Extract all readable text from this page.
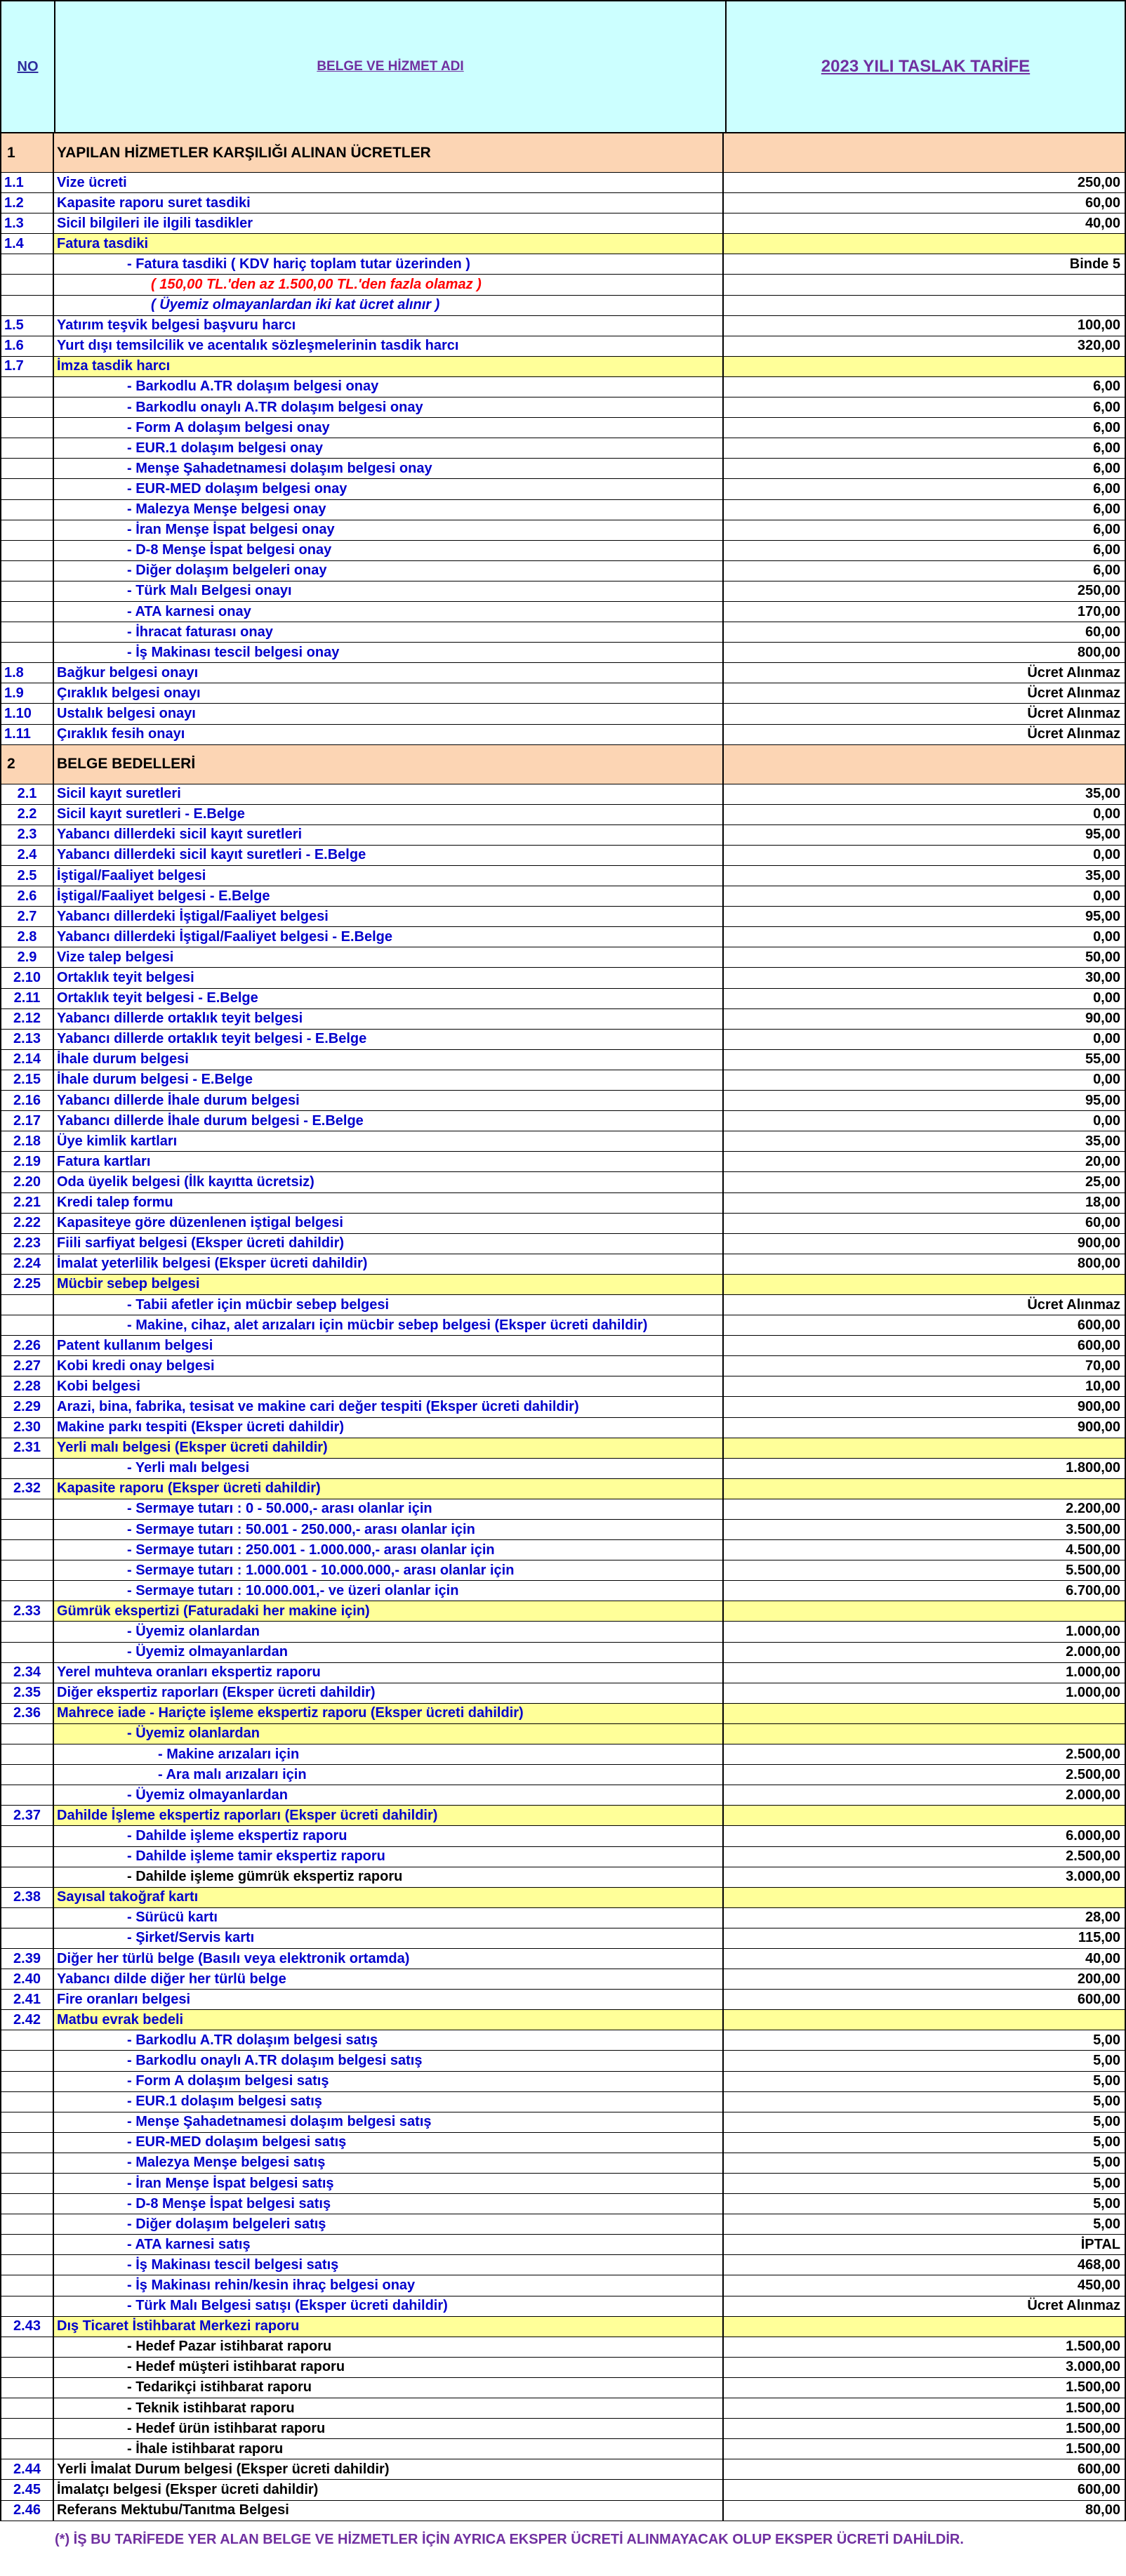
NO	BELGE VE HİZMET ADI	2023 YILI TASLAK TARİFE
1	YAPILAN HİZMETLER KARŞILIĞI ALINAN ÜCRETLER
1.1	Vize ücreti	250,00
1.2	Kapasite raporu suret tasdiki	60,00
1.3	Sicil bilgileri ile ilgili tasdikler	40,00
1.4	Fatura tasdiki
- Fatura tasdiki ( KDV hariç toplam tutar üzerinden )	Binde 5
( 150,00 TL.'den az 1.500,00 TL.'den fazla olamaz )
( Üyemiz olmayanlardan iki kat ücret alınır )
1.5	Yatırım teşvik belgesi başvuru harcı	100,00
1.6	Yurt dışı temsilcilik ve acentalık sözleşmelerinin tasdik harcı	320,00
1.7	İmza tasdik harcı
- Barkodlu A.TR dolaşım belgesi onay	6,00
- Barkodlu onaylı A.TR dolaşım belgesi onay	6,00
- Form A dolaşım belgesi onay	6,00
- EUR.1 dolaşım belgesi onay	6,00
- Menşe Şahadetnamesi dolaşım belgesi onay	6,00
- EUR-MED dolaşım belgesi onay	6,00
- Malezya Menşe belgesi onay	6,00
- İran Menşe İspat belgesi onay	6,00
- D-8 Menşe İspat belgesi onay	6,00
- Diğer dolaşım belgeleri onay	6,00
- Türk Malı Belgesi onayı	250,00
- ATA karnesi onay	170,00
- İhracat faturası onay	60,00
- İş Makinası tescil belgesi onay	800,00
1.8	Bağkur belgesi onayı	Ücret Alınmaz
1.9	Çıraklık belgesi onayı	Ücret Alınmaz
1.10	Ustalık belgesi onayı	Ücret Alınmaz
1.11	Çıraklık fesih onayı	Ücret Alınmaz
2	BELGE BEDELLERİ
2.1	Sicil kayıt suretleri	35,00
2.2	Sicil kayıt suretleri - E.Belge	0,00
2.3	Yabancı dillerdeki sicil kayıt suretleri	95,00
2.4	Yabancı dillerdeki sicil kayıt suretleri - E.Belge	0,00
2.5	İştigal/Faaliyet belgesi	35,00
2.6	İştigal/Faaliyet belgesi - E.Belge	0,00
2.7	Yabancı dillerdeki İştigal/Faaliyet belgesi	95,00
2.8	Yabancı dillerdeki İştigal/Faaliyet belgesi - E.Belge	0,00
2.9	Vize talep belgesi	50,00
2.10	Ortaklık teyit belgesi	30,00
2.11	Ortaklık teyit belgesi - E.Belge	0,00
2.12	Yabancı dillerde ortaklık teyit belgesi	90,00
2.13	Yabancı dillerde ortaklık teyit belgesi - E.Belge	0,00
2.14	İhale durum belgesi	55,00
2.15	İhale durum belgesi - E.Belge	0,00
2.16	Yabancı dillerde İhale durum belgesi	95,00
2.17	Yabancı dillerde İhale durum belgesi - E.Belge	0,00
2.18	Üye kimlik kartları	35,00
2.19	Fatura kartları	20,00
2.20	Oda üyelik belgesi (İlk kayıtta ücretsiz)	25,00
2.21	Kredi talep formu	18,00
2.22	Kapasiteye göre düzenlenen iştigal belgesi	60,00
2.23	Fiili sarfiyat belgesi (Eksper ücreti dahildir)	900,00
2.24	İmalat yeterlilik belgesi (Eksper ücreti dahildir)	800,00
2.25	Mücbir sebep belgesi
- Tabii afetler için mücbir sebep belgesi	Ücret Alınmaz
- Makine, cihaz, alet arızaları için mücbir sebep belgesi (Eksper ücreti dahildir)	600,00
2.26	Patent kullanım belgesi	600,00
2.27	Kobi kredi onay belgesi	70,00
2.28	Kobi belgesi	10,00
2.29	Arazi, bina, fabrika, tesisat ve makine cari değer tespiti (Eksper ücreti dahildir)	900,00
2.30	Makine parkı tespiti (Eksper ücreti dahildir)	900,00
2.31	Yerli malı belgesi (Eksper ücreti dahildir)
- Yerli malı belgesi	1.800,00
2.32	Kapasite raporu (Eksper ücreti dahildir)
- Sermaye tutarı : 0 - 50.000,- arası olanlar için	2.200,00
- Sermaye tutarı : 50.001 - 250.000,- arası olanlar için	3.500,00
- Sermaye tutarı : 250.001 - 1.000.000,- arası olanlar için	4.500,00
- Sermaye tutarı : 1.000.001 - 10.000.000,- arası olanlar için	5.500,00
- Sermaye tutarı : 10.000.001,- ve üzeri olanlar için	6.700,00
2.33	Gümrük ekspertizi (Faturadaki her makine için)
- Üyemiz olanlardan	1.000,00
- Üyemiz olmayanlardan	2.000,00
2.34	Yerel muhteva oranları ekspertiz raporu	1.000,00
2.35	Diğer ekspertiz raporları (Eksper ücreti dahildir)	1.000,00
2.36	Mahrece iade - Hariçte işleme ekspertiz raporu (Eksper ücreti dahildir)
- Üyemiz olanlardan
- Makine arızaları için	2.500,00
- Ara malı arızaları için	2.500,00
- Üyemiz olmayanlardan	2.000,00
2.37	Dahilde İşleme ekspertiz raporları (Eksper ücreti dahildir)
- Dahilde işleme ekspertiz raporu	6.000,00
- Dahilde işleme tamir ekspertiz raporu	2.500,00
- Dahilde işleme gümrük ekspertiz raporu	3.000,00
2.38	Sayısal takoğraf kartı
- Sürücü kartı	28,00
- Şirket/Servis kartı	115,00
2.39	Diğer her türlü belge (Basılı veya elektronik ortamda)	40,00
2.40	Yabancı dilde diğer her türlü belge	200,00
2.41	Fire oranları belgesi	600,00
2.42	Matbu evrak bedeli
- Barkodlu A.TR dolaşım belgesi satış	5,00
- Barkodlu onaylı A.TR dolaşım belgesi satış	5,00
- Form A dolaşım belgesi satış	5,00
- EUR.1 dolaşım belgesi satış	5,00
- Menşe Şahadetnamesi dolaşım belgesi satış	5,00
- EUR-MED dolaşım belgesi satış	5,00
- Malezya Menşe belgesi satış	5,00
- İran Menşe İspat belgesi satış	5,00
- D-8 Menşe İspat belgesi satış	5,00
- Diğer dolaşım belgeleri satış	5,00
- ATA karnesi satış	İPTAL
- İş Makinası tescil belgesi satış	468,00
- İş Makinası rehin/kesin ihraç belgesi onay	450,00
- Türk Malı Belgesi satışı (Eksper ücreti dahildir)	Ücret Alınmaz
2.43	Dış Ticaret İstihbarat Merkezi raporu
- Hedef Pazar istihbarat raporu	1.500,00
- Hedef müşteri istihbarat raporu	3.000,00
- Tedarikçi istihbarat raporu	1.500,00
- Teknik istihbarat raporu	1.500,00
- Hedef ürün istihbarat raporu	1.500,00
- İhale istihbarat raporu	1.500,00
2.44	Yerli İmalat Durum belgesi (Eksper ücreti dahildir)	600,00
2.45	İmalatçı belgesi (Eksper ücreti dahildir)	600,00
2.46	Referans Mektubu/Tanıtma Belgesi	80,00
(*) İŞ BU TARİFEDE YER ALAN BELGE VE HİZMETLER İÇİN AYRICA EKSPER ÜCRETİ ALINMAYACAK OLUP EKSPER ÜCRETİ DAHİLDİR.
